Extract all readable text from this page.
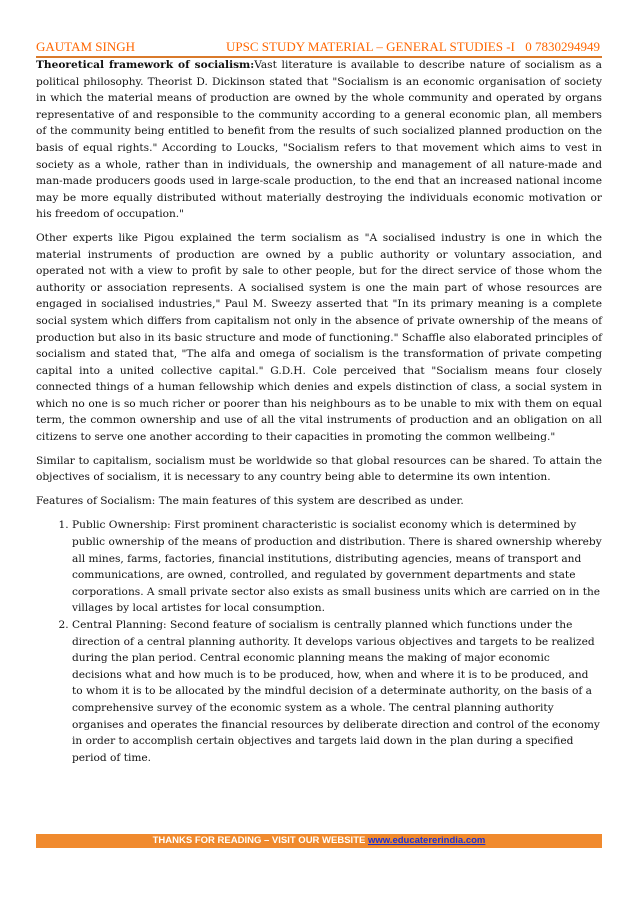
GAUTAM SINGH	UPSC STUDY MATERIAL – GENERAL STUDIES -I 0 7830294949

Theoretical framework of socialism:Vast literature is available to describe nature of socialism as a political philosophy. Theorist D. Dickinson stated that "Socialism is an economic organisation of society in which the material means of production are owned by the whole community and operated by organs representative of and responsible to the community according to a general economic plan, all members of the community being entitled to benefit from the results of such socialized planned production on the basis of equal rights." According to Loucks, "Socialism refers to that movement which aims to vest in society as a whole, rather than in individuals, the ownership and management of all nature-made and man-made producers goods used in large-scale production, to the end that an increased national income may be more equally distributed without materially destroying the individuals economic motivation or his freedom of occupation."

Other experts like Pigou explained the term socialism as "A socialised industry is one in which the material instruments of production are owned by a public authority or voluntary association, and operated not with a view to profit by sale to other people, but for the direct service of those whom the authority or association represents. A socialised system is one the main part of whose resources are engaged in socialised industries," Paul M. Sweezy asserted that "In its primary meaning is a complete social system which differs from capitalism not only in the absence of private ownership of the means of production but also in its basic structure and mode of functioning." Schaffle also elaborated principles of socialism and stated that, "The alfa and omega of socialism is the transformation of private competing capital into a united collective capital." G.D.H. Cole perceived that "Socialism means four closely connected things of a human fellowship which denies and expels distinction of class, a social system in which no one is so much richer or poorer than his neighbours as to be unable to mix with them on equal term, the common ownership and use of all the vital instruments of production and an obligation on all citizens to serve one another according to their capacities in promoting the common wellbeing."

Similar to capitalism, socialism must be worldwide so that global resources can be shared. To attain the objectives of socialism, it is necessary to any country being able to determine its own intention.

Features of Socialism: The main features of this system are described as under.

1. Public Ownership: First prominent characteristic is socialist economy which is determined by public ownership of the means of production and distribution. There is shared ownership whereby all mines, farms, factories, financial institutions, distributing agencies, means of transport and communications, are owned, controlled, and regulated by government departments and state corporations. A small private sector also exists as small business units which are carried on in the villages by local artistes for local consumption.
2. Central Planning: Second feature of socialism is centrally planned which functions under the direction of a central planning authority. It develops various objectives and targets to be realized during the plan period. Central economic planning means the making of major economic decisions what and how much is to be produced, how, when and where it is to be produced, and to whom it is to be allocated by the mindful decision of a determinate authority, on the basis of a comprehensive survey of the economic system as a whole. The central planning authority organises and operates the financial resources by deliberate direction and control of the economy in order to accomplish certain objectives and targets laid down in the plan during a specified period of time.
THANKS FOR READING – VISIT OUR WEBSITE www.educatererindia.com
